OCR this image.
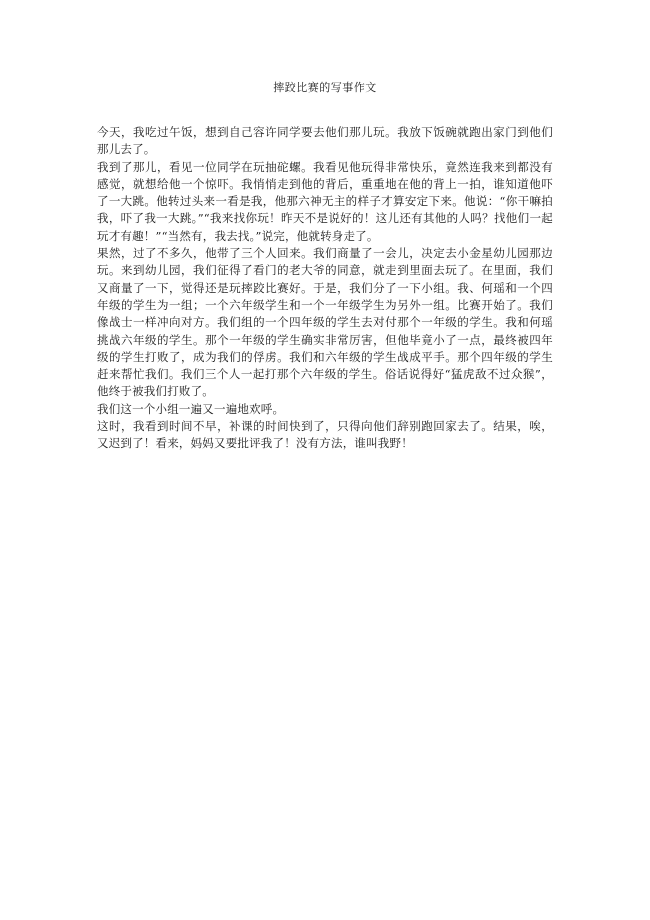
摔跤比赛的写事作文

今天，我吃过午饭，想到自己容许同学要去他们那儿玩。我放下饭碗就跑出家门到他们那儿去了。

我到了那儿，看见一位同学在玩抽砣螺。我看见他玩得非常快乐，竟然连我来到都没有感觉，就想给他一个惊吓。我悄悄走到他的背后，重重地在他的背上一拍，谁知道他吓了一大跳。他转过头来一看是我，他那六神无主的样子才算安定下来。他说：“你干嘛拍我，吓了我一大跳。”“我来找你玩！昨天不是说好的！这儿还有其他的人吗？找他们一起玩才有趣！”“当然有，我去找。”说完，他就转身走了。

果然，过了不多久，他带了三个人回来。我们商量了一会儿，决定去小金星幼儿园那边玩。来到幼儿园，我们征得了看门的老大爷的同意，就走到里面去玩了。在里面，我们又商量了一下，觉得还是玩摔跤比赛好。于是，我们分了一下小组。我、何瑶和一个四年级的学生为一组；一个六年级学生和一个一年级学生为另外一组。比赛开始了。我们像战士一样冲向对方。我们组的一个四年级的学生去对付那个一年级的学生。我和何瑶挑战六年级的学生。那个一年级的学生确实非常厉害，但他毕竟小了一点，最终被四年级的学生打败了，成为我们的俘虏。我们和六年级的学生战成平手。那个四年级的学生赶来帮忙我们。我们三个人一起打那个六年级的学生。俗话说得好“猛虎敌不过众猴”，他终于被我们打败了。

我们这一个小组一遍又一遍地欢呼。

这时，我看到时间不早，补课的时间快到了，只得向他们辞别跑回家去了。结果，唉，又迟到了！看来，妈妈又要批评我了！没有方法，谁叫我野！
